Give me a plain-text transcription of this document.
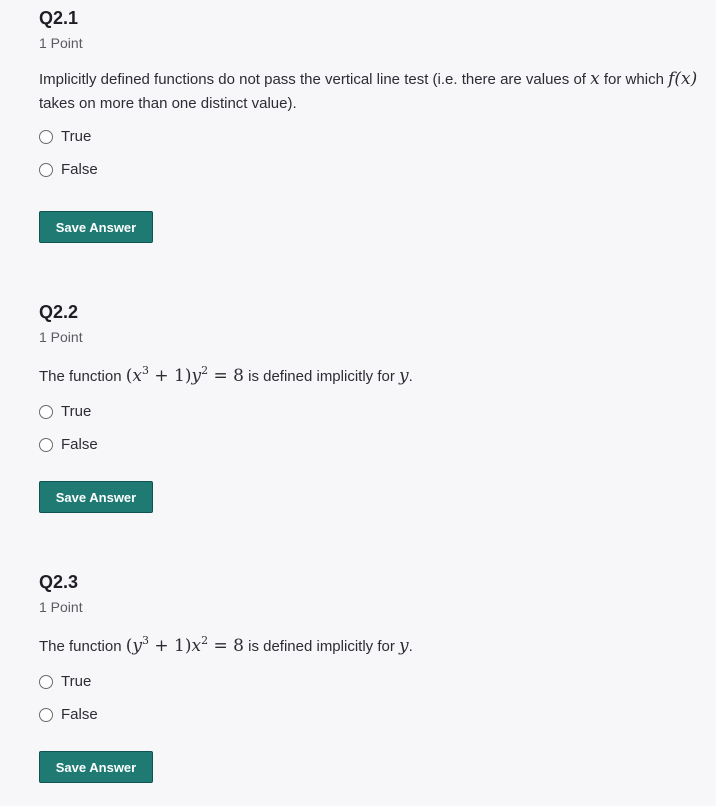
Q2.1
1 Point
Implicitly defined functions do not pass the vertical line test (i.e. there are values of x for which f(x) takes on more than one distinct value).
True
False
Save Answer
Q2.2
1 Point
The function $(x^3 + 1)y^2 = 8$ is defined implicitly for y.
True
False
Save Answer
Q2.3
1 Point
The function $(y^3 + 1)x^2 = 8$ is defined implicitly for y.
True
False
Save Answer
